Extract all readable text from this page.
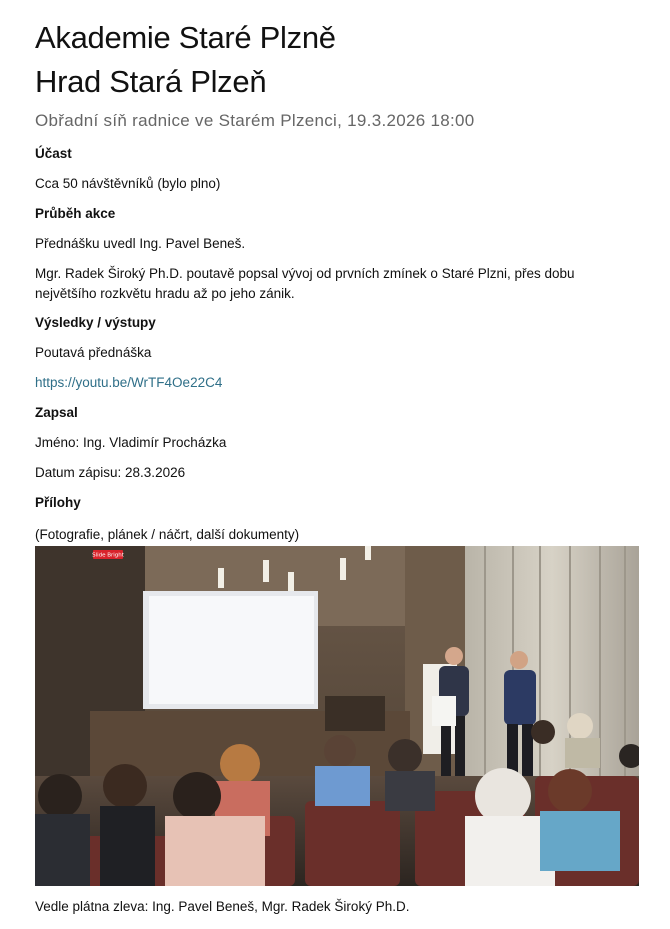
Akademie Staré Plzně
Hrad Stará Plzeň
Obřadní síň radnice ve Starém Plzenci, 19.3.2026 18:00
Účast
Cca 50 návštěvníků (bylo plno)
Průběh akce
Přednášku uvedl Ing. Pavel Beneš.
Mgr. Radek Široký Ph.D. poutavě popsal vývoj od prvních zmínek o Staré Plzni, přes dobu největšího rozkvětu hradu až po jeho zánik.
Výsledky / výstupy
Poutavá přednáška
https://youtu.be/WrTF4Oe22C4
Zapsal
Jméno: Ing. Vladimír Procházka
Datum zápisu: 28.3.2026
Přílohy
(Fotografie, plánek / náčrt, další dokumenty)
Slide Bright
Vedle plátna zleva: Ing. Pavel Beneš, Mgr. Radek Široký Ph.D.
